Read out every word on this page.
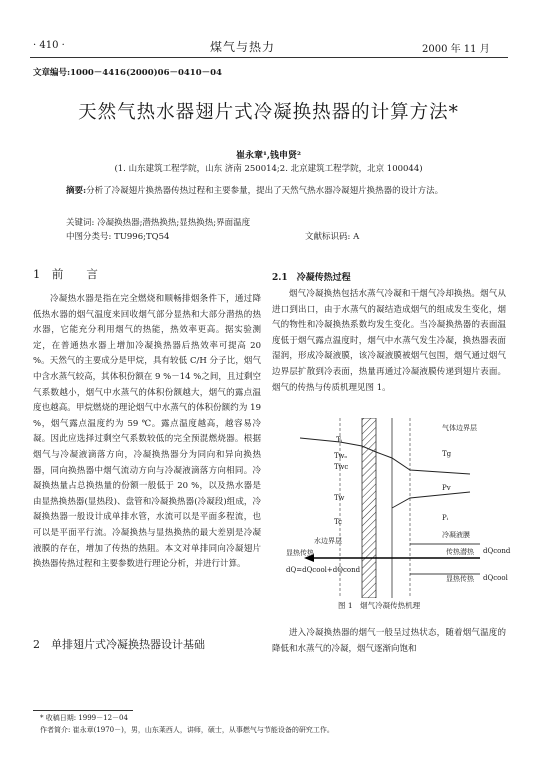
· 410 ·	煤气与热力	2000 年 11 月
文章编号:1000－4416(2000)06－0410－04
天然气热水器翅片式冷凝换热器的计算方法*
崔永章¹,钱申贤²
(1. 山东建筑工程学院，山东 济南 250014;2. 北京建筑工程学院，北京 100044)
摘要:分析了冷凝翅片换热器传热过程和主要参量，提出了天然气热水器冷凝翅片换热器的设计方法。
关键词: 冷凝换热器;潜热换热;显热换热;界面温度
中图分类号: TU996;TQ54	文献标识码: A
1　前　　言
冷凝热水器是指在完全燃烧和顺畅排烟条件下，通过降低热水器的烟气温度来回收烟气部分显热和大部分潜热的热水器，它能充分利用烟气的热能，热效率更高。据实验测定，在普通热水器上增加冷凝换热器后热效率可提高 20 %。天然气的主要成分是甲烷，具有较低 C/H 分子比，烟气中含水蒸气较高，其体积份额在 9 %－14 %之间，且过剩空气系数越小，烟气中水蒸气的体积份额越大，烟气的露点温度也越高。甲烷燃烧的理论烟气中水蒸气的体积份额约为 19 %，烟气露点温度约为 59 ℃。露点温度越高，越容易冷凝。因此应选择过剩空气系数较低的完全预混燃烧器。根据烟气与冷凝液滴落方向，冷凝换热器分为同向和异向换热器，同向换热器中烟气流动方向与冷凝液滴落方向相同。冷凝换热量占总换热量的份额一般低于 20 %，以及热水器是由显热换热器(显热段)、盘管和冷凝换热器(冷凝段)组成，冷凝换热器一般设计成单排水管，水流可以是平面多程流，也可以是平面平行流。冷凝换热与显热换热的最大差别是冷凝液膜的存在，增加了传热的热阻。本文对单排同向冷凝翅片换热器传热过程和主要参数进行理论分析，并进行计算。
2　单排翅片式冷凝换热器设计基础
2.1　冷凝传热过程
烟气冷凝换热包括水蒸气冷凝和干烟气冷却换热。烟气从进口到出口，由于水蒸气的凝结造成烟气的组成发生变化，烟气的物性和冷凝换热系数均发生变化。当冷凝换热器的表面温度低于烟气露点温度时，烟气中水蒸气发生冷凝，换热器表面湿润，形成冷凝液膜，该冷凝液膜被烟气包围，烟气通过烟气边界层扩散到冷表面，热量再通过冷凝液膜传递到翅片表面。烟气的传热与传质机理见图 1。
Tᵢ
Twₒ
Twc
Tw
Tc
气体边界层
Tg
Pv
Pᵢ
冷凝液膜
水边界层
显热传热
dQ=dQcool+dQcond
传热潜热 dQcond
显热传热 dQcool
图 1　烟气冷凝传热机理
进入冷凝换热器的烟气一般呈过热状态，随着烟气温度的降低和水蒸气的冷凝，烟气逐渐向饱和
* 收稿日期: 1999－12－04
作者简介: 崔永章(1970－)，男，山东莱西人，讲师，硕士，从事燃气与节能设备的研究工作。
